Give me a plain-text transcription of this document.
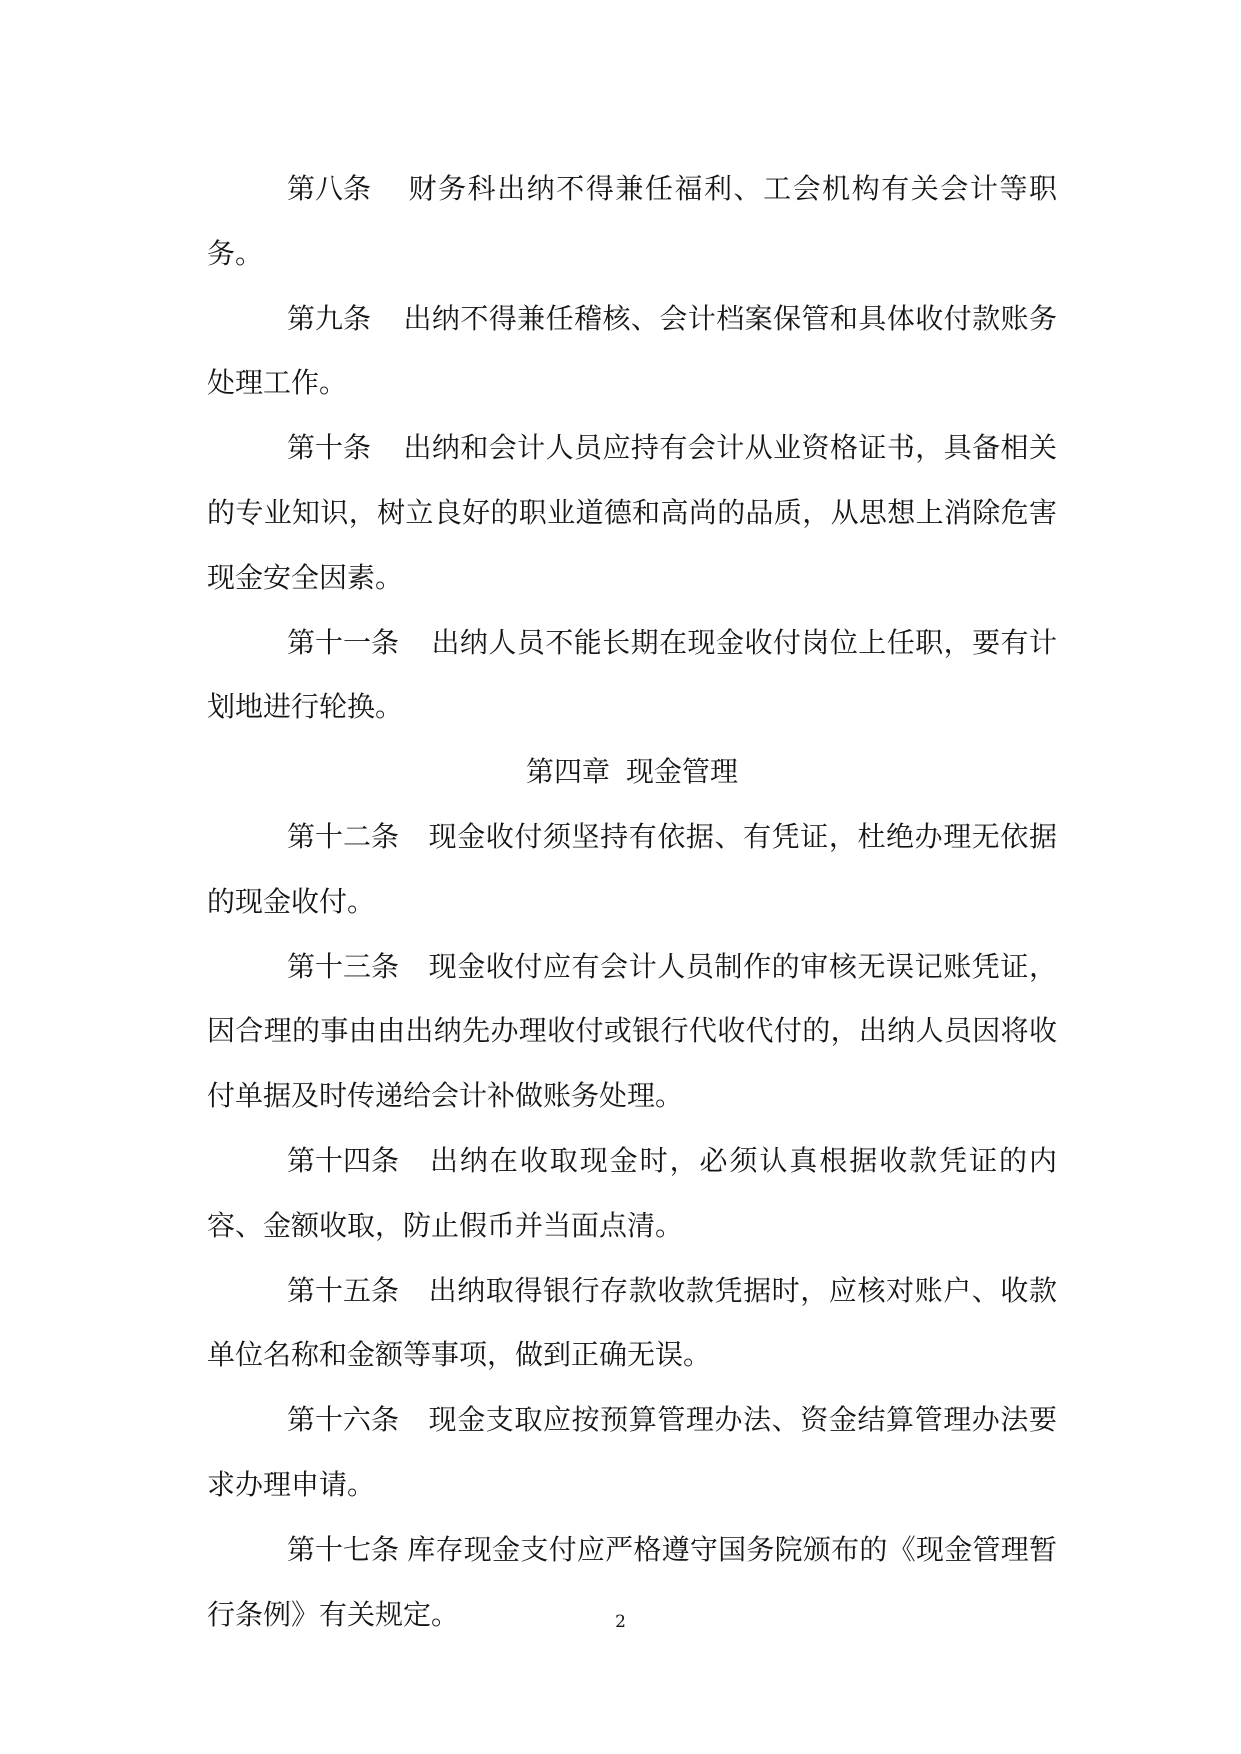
第八条 财务科出纳不得兼任福利、工会机构有关会计等职务。

第九条 出纳不得兼任稽核、会计档案保管和具体收付款账务处理工作。

第十条 出纳和会计人员应持有会计从业资格证书，具备相关的专业知识，树立良好的职业道德和高尚的品质，从思想上消除危害现金安全因素。

第十一条 出纳人员不能长期在现金收付岗位上任职，要有计划地进行轮换。

第四章 现金管理

第十二条 现金收付须坚持有依据、有凭证，杜绝办理无依据的现金收付。

第十三条 现金收付应有会计人员制作的审核无误记账凭证，因合理的事由由出纳先办理收付或银行代收代付的，出纳人员因将收付单据及时传递给会计补做账务处理。

第十四条 出纳在收取现金时，必须认真根据收款凭证的内容、金额收取，防止假币并当面点清。

第十五条 出纳取得银行存款收款凭据时，应核对账户、收款单位名称和金额等事项，做到正确无误。

第十六条 现金支取应按预算管理办法、资金结算管理办法要求办理申请。

第十七条 库存现金支付应严格遵守国务院颁布的《现金管理暂行条例》有关规定。	2
